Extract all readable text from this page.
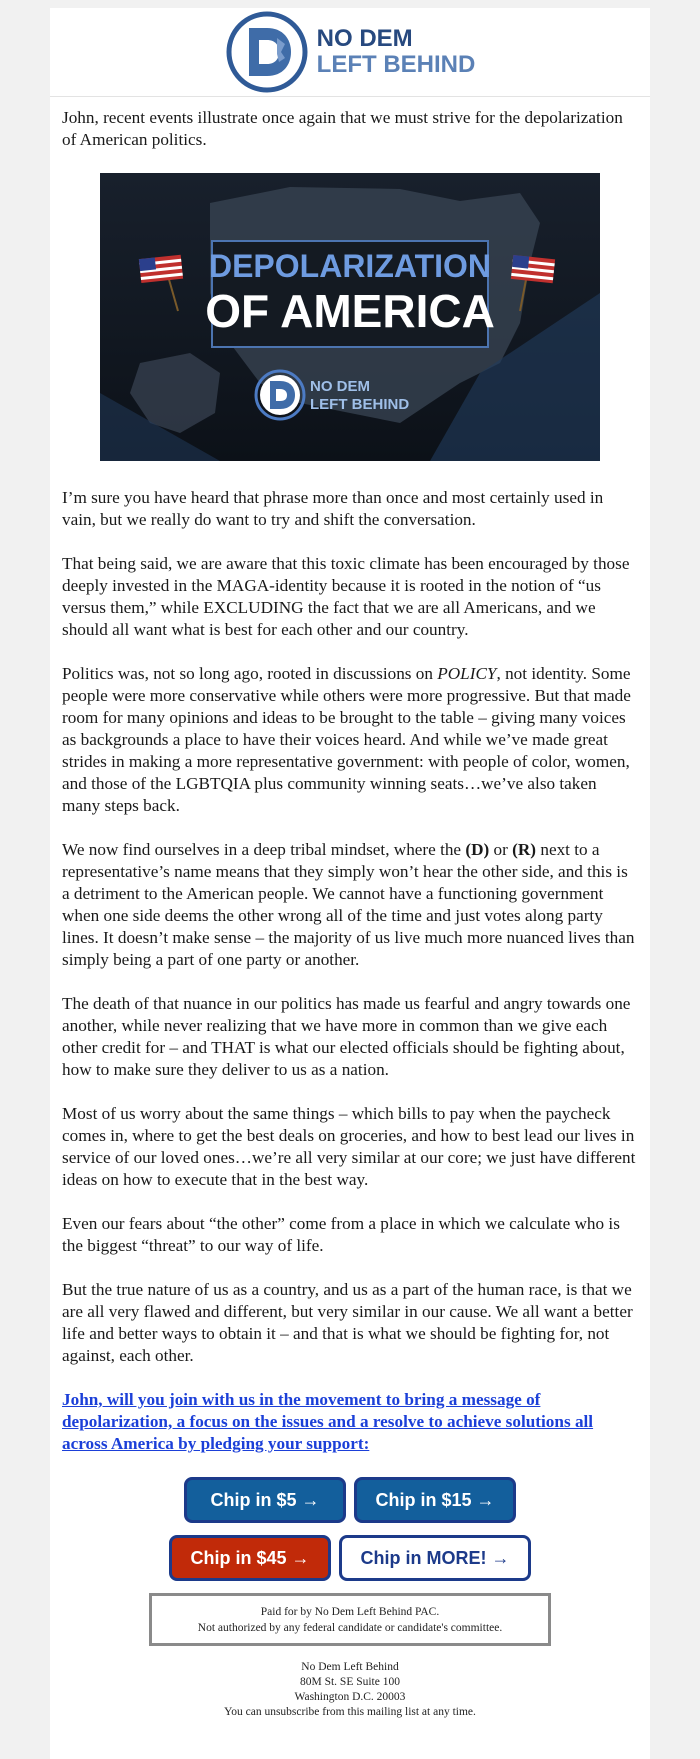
NO DEM
LEFT BEHIND

John, recent events illustrate once again that we must strive for the depolarization of American politics.

DEPOLARIZATION
OF AMERICA
NO DEM
LEFT BEHIND

I’m sure you have heard that phrase more than once and most certainly used in vain, but we really do want to try and shift the conversation.

That being said, we are aware that this toxic climate has been encouraged by those deeply invested in the MAGA-identity because it is rooted in the notion of “us versus them,” while EXCLUDING the fact that we are all Americans, and we should all want what is best for each other and our country.

Politics was, not so long ago, rooted in discussions on POLICY, not identity. Some people were more conservative while others were more progressive. But that made room for many opinions and ideas to be brought to the table – giving many voices as backgrounds a place to have their voices heard. And while we’ve made great strides in making a more representative government: with people of color, women, and those of the LGBTQIA plus community winning seats…we’ve also taken many steps back.

We now find ourselves in a deep tribal mindset, where the (D) or (R) next to a representative’s name means that they simply won’t hear the other side, and this is a detriment to the American people. We cannot have a functioning government when one side deems the other wrong all of the time and just votes along party lines. It doesn’t make sense – the majority of us live much more nuanced lives than simply being a part of one party or another.

The death of that nuance in our politics has made us fearful and angry towards one another, while never realizing that we have more in common than we give each other credit for – and THAT is what our elected officials should be fighting about, how to make sure they deliver to us as a nation.

Most of us worry about the same things – which bills to pay when the paycheck comes in, where to get the best deals on groceries, and how to best lead our lives in service of our loved ones…we’re all very similar at our core; we just have different ideas on how to execute that in the best way.

Even our fears about “the other” come from a place in which we calculate who is the biggest “threat” to our way of life.

But the true nature of us as a country, and us as a part of the human race, is that we are all very flawed and different, but very similar in our cause. We all want a better life and better ways to obtain it – and that is what we should be fighting for, not against, each other.

John, will you join with us in the movement to bring a message of depolarization, a focus on the issues and a resolve to achieve solutions all across America by pledging your support:

Chip in $5 →	Chip in $15 →
Chip in $45 →	Chip in MORE! →
Paid for by No Dem Left Behind PAC.
Not authorized by any federal candidate or candidate's committee.
No Dem Left Behind
80M St. SE Suite 100
Washington D.C. 20003
You can unsubscribe from this mailing list at any time.
